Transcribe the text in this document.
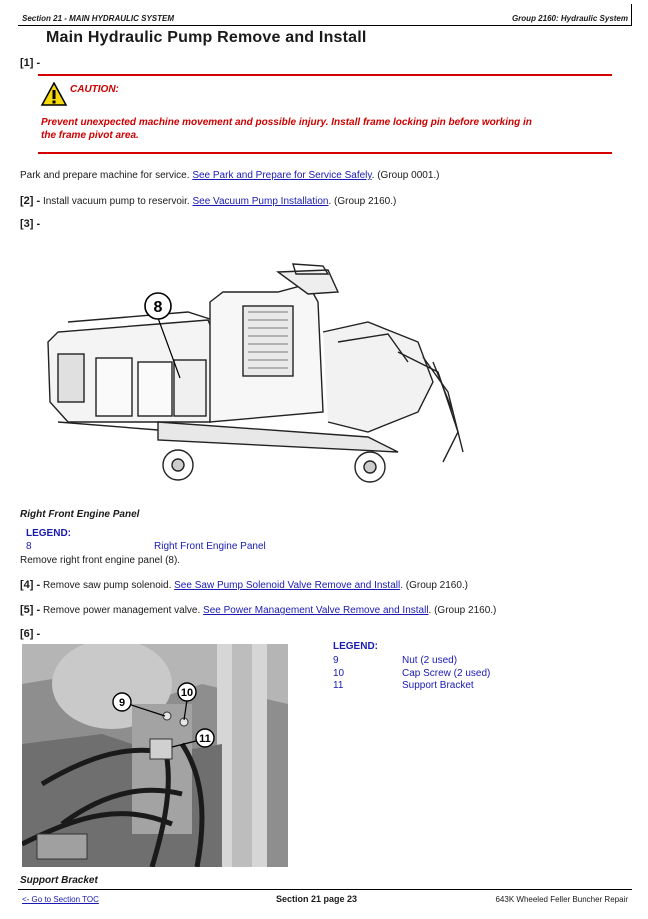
Section 21 - MAIN HYDRAULIC SYSTEM	Group 2160: Hydraulic System
Main Hydraulic Pump Remove and Install
[1] -
CAUTION:
Prevent unexpected machine movement and possible injury. Install frame locking pin before working in
the frame pivot area.
Park and prepare machine for service. See Park and Prepare for Service Safely. (Group 0001.)
[2] - Install vacuum pump to reservoir. See Vacuum Pump Installation. (Group 2160.)
[3] -
8
Right Front Engine Panel
LEGEND:
8	Right Front Engine Panel
Remove right front engine panel (8).
[4] - Remove saw pump solenoid. See Saw Pump Solenoid Valve Remove and Install. (Group 2160.)
[5] - Remove power management valve. See Power Management Valve Remove and Install. (Group 2160.)
[6] -
9
10
11
LEGEND:
9	Nut (2 used)
10	Cap Screw (2 used)
11	Support Bracket
Support Bracket
<- Go to Section TOC	Section 21 page 23	643K Wheeled Feller Buncher Repair
